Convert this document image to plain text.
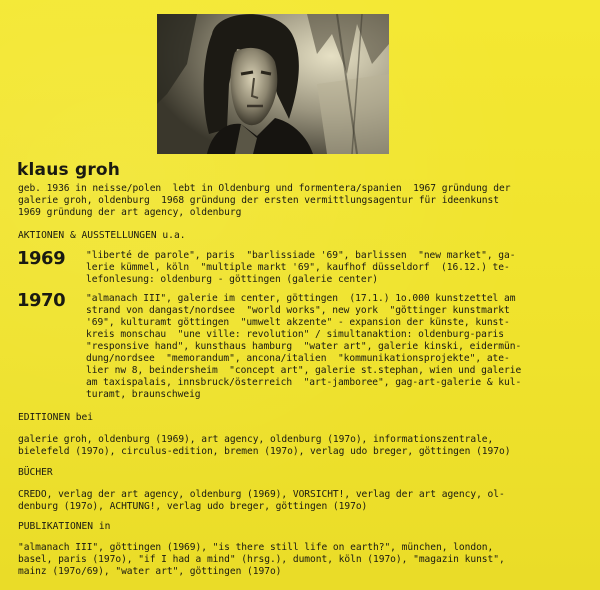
klaus groh
geb. 1936 in neisse/polen  lebt in Oldenburg und formentera/spanien  1967 gründung der
galerie groh, oldenburg  1968 gründung der ersten vermittlungsagentur für ideenkunst
1969 gründung der art agency, oldenburg
AKTIONEN & AUSSTELLUNGEN u.a.
1969 "liberté de parole", paris  "barlissiade '69", barlissen  "new market", ga-
lerie kümmel, köln  "multiple markt '69", kaufhof düsseldorf  (16.12.) te-
lefonlesung: oldenburg - göttingen (galerie center)
1970 "almanach III", galerie im center, göttingen  (17.1.) 1o.000 kunstzettel am
strand von dangast/nordsee  "world works", new york  "göttinger kunstmarkt
'69", kulturamt göttingen  "umwelt akzente" - expansion der künste, kunst-
kreis monschau  "une ville: revolution" / simultanaktion: oldenburg-paris
"responsive hand", kunsthaus hamburg  "water art", galerie kinski, eidermün-
dung/nordsee  "memorandum", ancona/italien  "kommunikationsprojekte", ate-
lier nw 8, beindersheim  "concept art", galerie st.stephan, wien und galerie
am taxispalais, innsbruck/österreich  "art-jamboree", gag-art-galerie & kul-
turamt, braunschweig
EDITIONEN bei
galerie groh, oldenburg (1969), art agency, oldenburg (197o), informationszentrale,
bielefeld (197o), circulus-edition, bremen (197o), verlag udo breger, göttingen (197o)
BÜCHER
CREDO, verlag der art agency, oldenburg (1969), VORSICHT!, verlag der art agency, ol-
denburg (197o), ACHTUNG!, verlag udo breger, göttingen (197o)
PUBLIKATIONEN in
"almanach III", göttingen (1969), "is there still life on earth?", münchen, london,
basel, paris (197o), "if I had a mind" (hrsg.), dumont, köln (197o), "magazin kunst",
mainz (197o/69), "water art", göttingen (197o)
